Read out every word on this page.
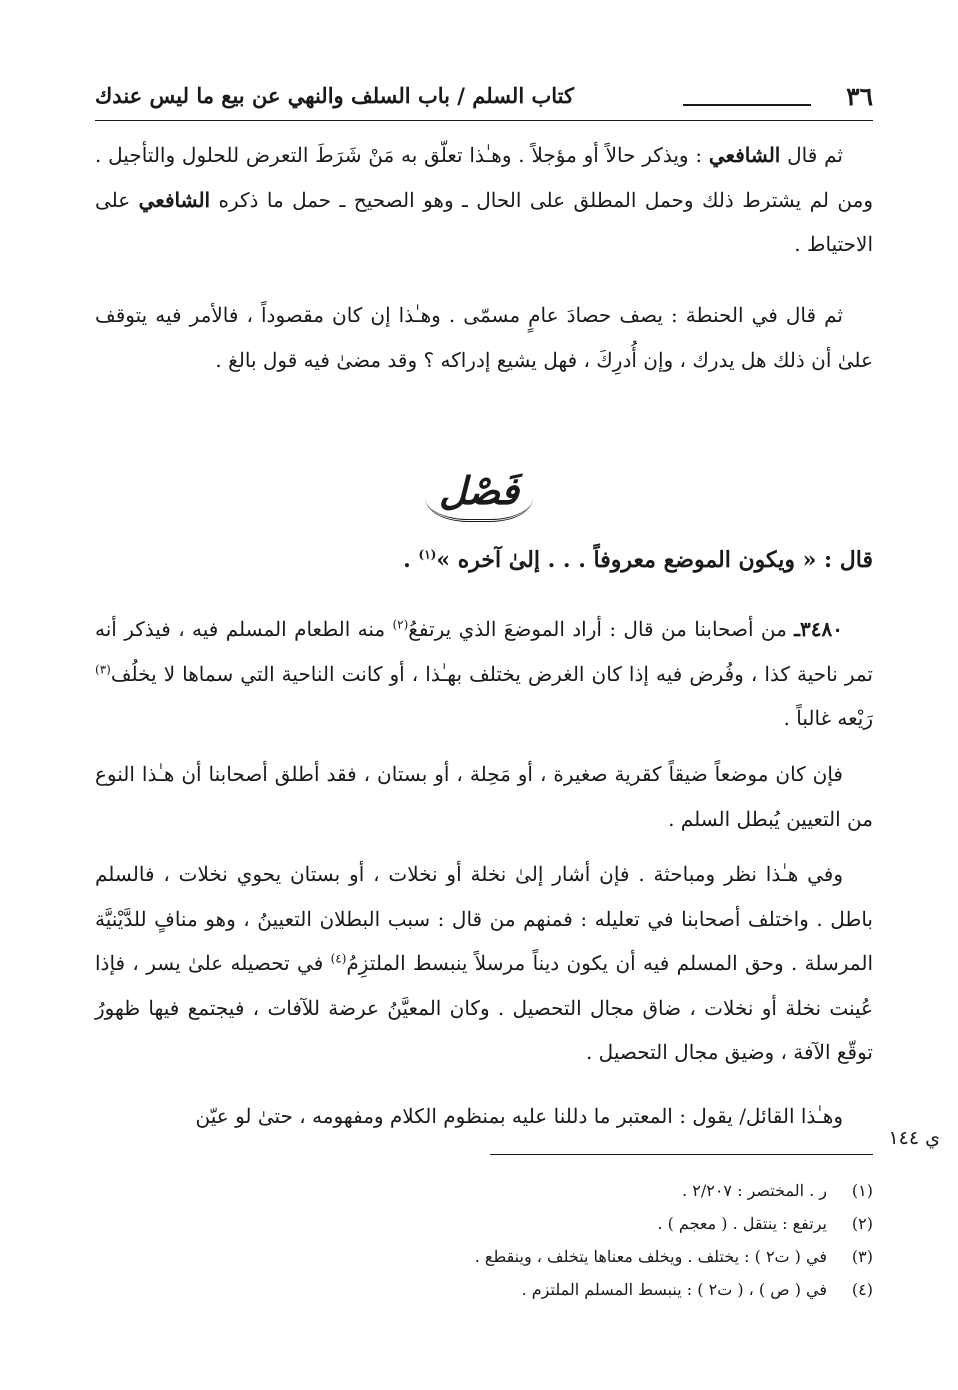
٣٦
كتاب السلم / باب السلف والنهي عن بيع ما ليس عندك

ثم قال الشافعي : ويذكر حالاً أو مؤجلاً . وهـٰذا تعلّق به مَنْ شَرَطَ التعرض للحلول والتأجيل . ومن لم يشترط ذلك وحمل المطلق على الحال ـ وهو الصحيح ـ حمل ما ذكره الشافعي على الاحتياط .

ثم قال في الحنطة : يصف حصادَ عامٍ مسمّى . وهـٰذا إن كان مقصوداً ، فالأمر فيه يتوقف علىٰ أن ذلك هل يدرك ، وإن أُدرِكَ ، فهل يشيع إدراكه ؟ وقد مضىٰ فيه قول بالغ .

فَصْل
قال : « ويكون الموضع معروفاً . . . إلىٰ آخره »$^{(١)}$ .

٣٤٨٠ـ من أصحابنا من قال : أراد الموضعَ الذي يرتفعُ$^{(٢)}$ منه الطعام المسلم فيه ، فيذكر أنه تمر ناحية كذا ، وفُرض فيه إذا كان الغرض يختلف بهـٰذا ، أو كانت الناحية التي سماها لا يخلُف$^{(٣)}$ رَيْعه غالباً .

فإن كان موضعاً ضيقاً كقرية صغيرة ، أو مَحِلة ، أو بستان ، فقد أطلق أصحابنا أن هـٰذا النوع من التعيين يُبطل السلم .

وفي هـٰذا نظر ومباحثة . فإن أشار إلىٰ نخلة أو نخلات ، أو بستان يحوي نخلات ، فالسلم باطل . واختلف أصحابنا في تعليله : فمنهم من قال : سبب البطلان التعيينُ ، وهو منافٍ للدَّيْنيَّة المرسلة . وحق المسلم فيه أن يكون ديناً مرسلاً ينبسط الملتزِمُ$^{(٤)}$ في تحصيله علىٰ يسر ، فإذا عُينت نخلة أو نخلات ، ضاق مجال التحصيل . وكان المعيَّنُ عرضة للآفات ، فيجتمع فيها ظهورُ توقّع الآفة ، وضيق مجال التحصيل .

وهـٰذا القائل/ يقول : المعتبر ما دللنا عليه بمنظوم الكلام ومفهومه ، حتىٰ لو عيّن

ي ١٤٤
(١)
ر . المختصر : ٢/٢٠٧ .
(٢)
يرتفع : ينتقل . ( معجم ) .
(٣)
في ( ت٢ ) : يختلف . ويخلف معناها يتخلف ، وينقطع .
(٤)
في ( ص ) ، ( ت٢ ) : ينبسط المسلم الملتزم .
